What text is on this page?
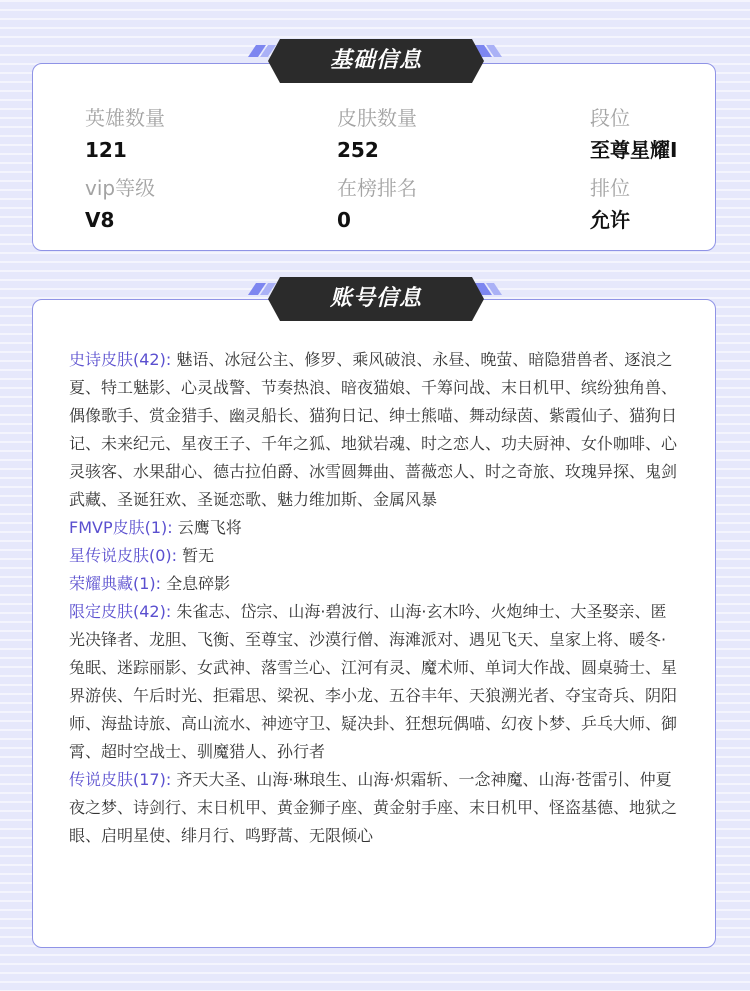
英雄数量
121
皮肤数量
252
段位
至尊星耀I
vip等级
V8
在榜排名
0
排位
允许
基础信息
史诗皮肤(42): 魅语、冰冠公主、修罗、乘风破浪、永昼、晚萤、暗隐猎兽者、逐浪之夏、特工魅影、心灵战警、节奏热浪、暗夜猫娘、千筹问战、末日机甲、缤纷独角兽、偶像歌手、赏金猎手、幽灵船长、猫狗日记、绅士熊喵、舞动绿茵、紫霞仙子、猫狗日记、未来纪元、星夜王子、千年之狐、地狱岩魂、时之恋人、功夫厨神、女仆咖啡、心灵骇客、水果甜心、德古拉伯爵、冰雪圆舞曲、蔷薇恋人、时之奇旅、玫瑰异探、鬼剑武藏、圣诞狂欢、圣诞恋歌、魅力维加斯、金属风暴
FMVP皮肤(1): 云鹰飞将
星传说皮肤(0): 暂无
荣耀典藏(1): 全息碎影
限定皮肤(42): 朱雀志、岱宗、山海·碧波行、山海·玄木吟、火炮绅士、大圣娶亲、匿光决锋者、龙胆、飞衡、至尊宝、沙漠行僧、海滩派对、遇见飞天、皇家上将、暖冬·兔眠、迷踪丽影、女武神、落雪兰心、江河有灵、魔术师、单词大作战、圆桌骑士、星界游侠、午后时光、拒霜思、梁祝、李小龙、五谷丰年、天狼溯光者、夺宝奇兵、阴阳师、海盐诗旅、高山流水、神迹守卫、疑决卦、狂想玩偶喵、幻夜卜梦、乒乓大师、御霄、超时空战士、驯魔猎人、孙行者
传说皮肤(17): 齐天大圣、山海·琳琅生、山海·炽霜斩、一念神魔、山海·苍雷引、仲夏夜之梦、诗剑行、末日机甲、黄金狮子座、黄金射手座、末日机甲、怪盗基德、地狱之眼、启明星使、绯月行、鸣野蒿、无限倾心
账号信息
